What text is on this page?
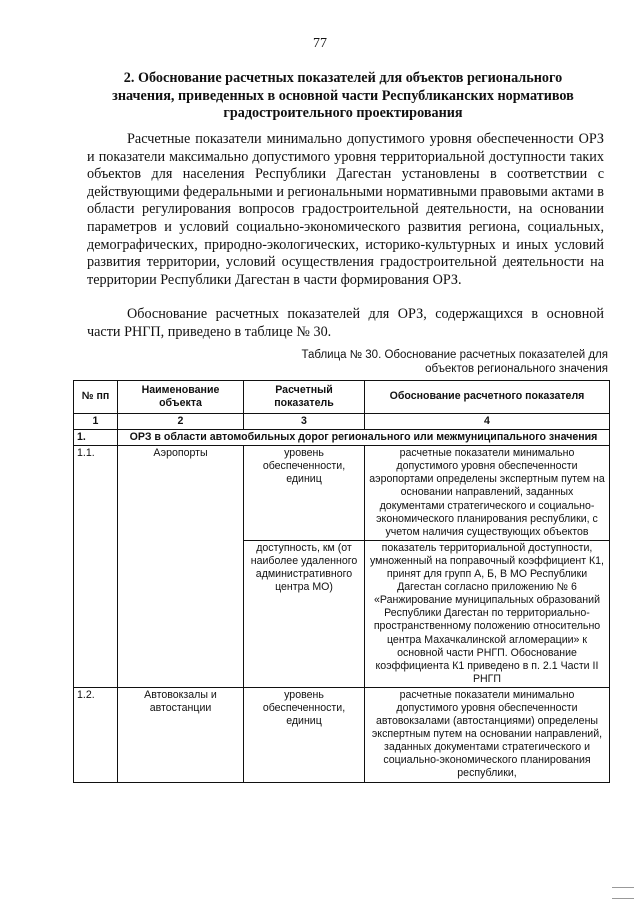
77
2. Обоснование расчетных показателей для объектов регионального значения, приведенных в основной части Республиканских нормативов градостроительного проектирования

Расчетные показатели минимально допустимого уровня обеспеченности ОРЗ и показатели максимально допустимого уровня территориальной доступности таких объектов для населения Республики Дагестан установлены в соответствии с действующими федеральными и региональными нормативными правовыми актами в области регулирования вопросов градостроительной деятельности, на основании параметров и условий социально-экономического развития региона, социальных, демографических, природно-экологических, историко-культурных и иных условий развития территории, условий осуществления градостроительной деятельности на территории Республики Дагестан в части формирования ОРЗ.

Обоснование расчетных показателей для ОРЗ, содержащихся в основной части РНГП, приведено в таблице № 30.

Таблица № 30. Обоснование расчетных показателей для объектов регионального значения
№ пп	Наименование объекта	Расчетный показатель	Обоснование расчетного показателя
1	2	3	4
1.	ОРЗ в области автомобильных дорог регионального или межмуниципального значения		
1.1.	Аэропорты	уровень обеспеченности, единиц	расчетные показатели минимально допустимого уровня обеспеченности аэропортами определены экспертным путем на основании направлений, заданных документами стратегического и социально-экономического планирования республики, с учетом наличия существующих объектов
		доступность, км (от наиболее удаленного административного центра МО)	показатель территориальной доступности, умноженный на поправочный коэффициент К1, принят для групп А, Б, В МО Республики Дагестан согласно приложению № 6 «Ранжирование муниципальных образований Республики Дагестан по территориально-пространственному положению относительно центра Махачкалинской агломерации» к основной части РНГП. Обоснование коэффициента К1 приведено в п. 2.1 Части II РНГП
1.2.	Автовокзалы и автостанции	уровень обеспеченности, единиц	расчетные показатели минимально допустимого уровня обеспеченности автовокзалами (автостанциями) определены экспертным путем на основании направлений, заданных документами стратегического и социально-экономического планирования республики,
